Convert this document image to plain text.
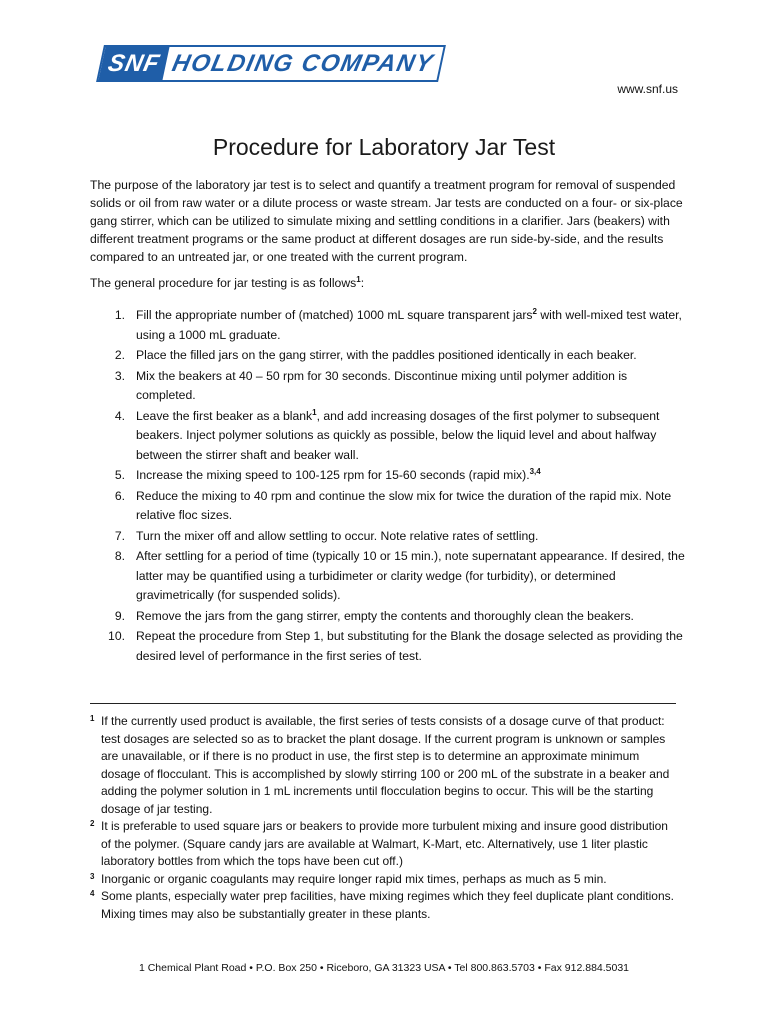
SNF HOLDING COMPANY
www.snf.us
Procedure for Laboratory Jar Test
The purpose of the laboratory jar test is to select and quantify a treatment program for removal of suspended solids or oil from raw water or a dilute process or waste stream. Jar tests are conducted on a four- or six-place gang stirrer, which can be utilized to simulate mixing and settling conditions in a clarifier. Jars (beakers) with different treatment programs or the same product at different dosages are run side-by-side, and the results compared to an untreated jar, or one treated with the current program.
The general procedure for jar testing is as follows$^1$:
1. Fill the appropriate number of (matched) 1000 mL square transparent jars$^2$ with well-mixed test water, using a 1000 mL graduate.
2. Place the filled jars on the gang stirrer, with the paddles positioned identically in each beaker.
3. Mix the beakers at 40 – 50 rpm for 30 seconds. Discontinue mixing until polymer addition is completed.
4. Leave the first beaker as a blank$^1$, and add increasing dosages of the first polymer to subsequent beakers. Inject polymer solutions as quickly as possible, below the liquid level and about halfway between the stirrer shaft and beaker wall.
5. Increase the mixing speed to 100-125 rpm for 15-60 seconds (rapid mix).$^{3,4}$
6. Reduce the mixing to 40 rpm and continue the slow mix for twice the duration of the rapid mix. Note relative floc sizes.
7. Turn the mixer off and allow settling to occur. Note relative rates of settling.
8. After settling for a period of time (typically 10 or 15 min.), note supernatant appearance. If desired, the latter may be quantified using a turbidimeter or clarity wedge (for turbidity), or determined gravimetrically (for suspended solids).
9. Remove the jars from the gang stirrer, empty the contents and thoroughly clean the beakers.
10. Repeat the procedure from Step 1, but substituting for the Blank the dosage selected as providing the desired level of performance in the first series of test.
1 If the currently used product is available, the first series of tests consists of a dosage curve of that product: test dosages are selected so as to bracket the plant dosage. If the current program is unknown or samples are unavailable, or if there is no product in use, the first step is to determine an approximate minimum dosage of flocculant. This is accomplished by slowly stirring 100 or 200 mL of the substrate in a beaker and adding the polymer solution in 1 mL increments until flocculation begins to occur. This will be the starting dosage of jar testing.
2 It is preferable to used square jars or beakers to provide more turbulent mixing and insure good distribution of the polymer. (Square candy jars are available at Walmart, K-Mart, etc. Alternatively, use 1 liter plastic laboratory bottles from which the tops have been cut off.)
3 Inorganic or organic coagulants may require longer rapid mix times, perhaps as much as 5 min.
4 Some plants, especially water prep facilities, have mixing regimes which they feel duplicate plant conditions. Mixing times may also be substantially greater in these plants.
1 Chemical Plant Road • P.O. Box 250 • Riceboro, GA 31323 USA • Tel 800.863.5703 • Fax 912.884.5031
